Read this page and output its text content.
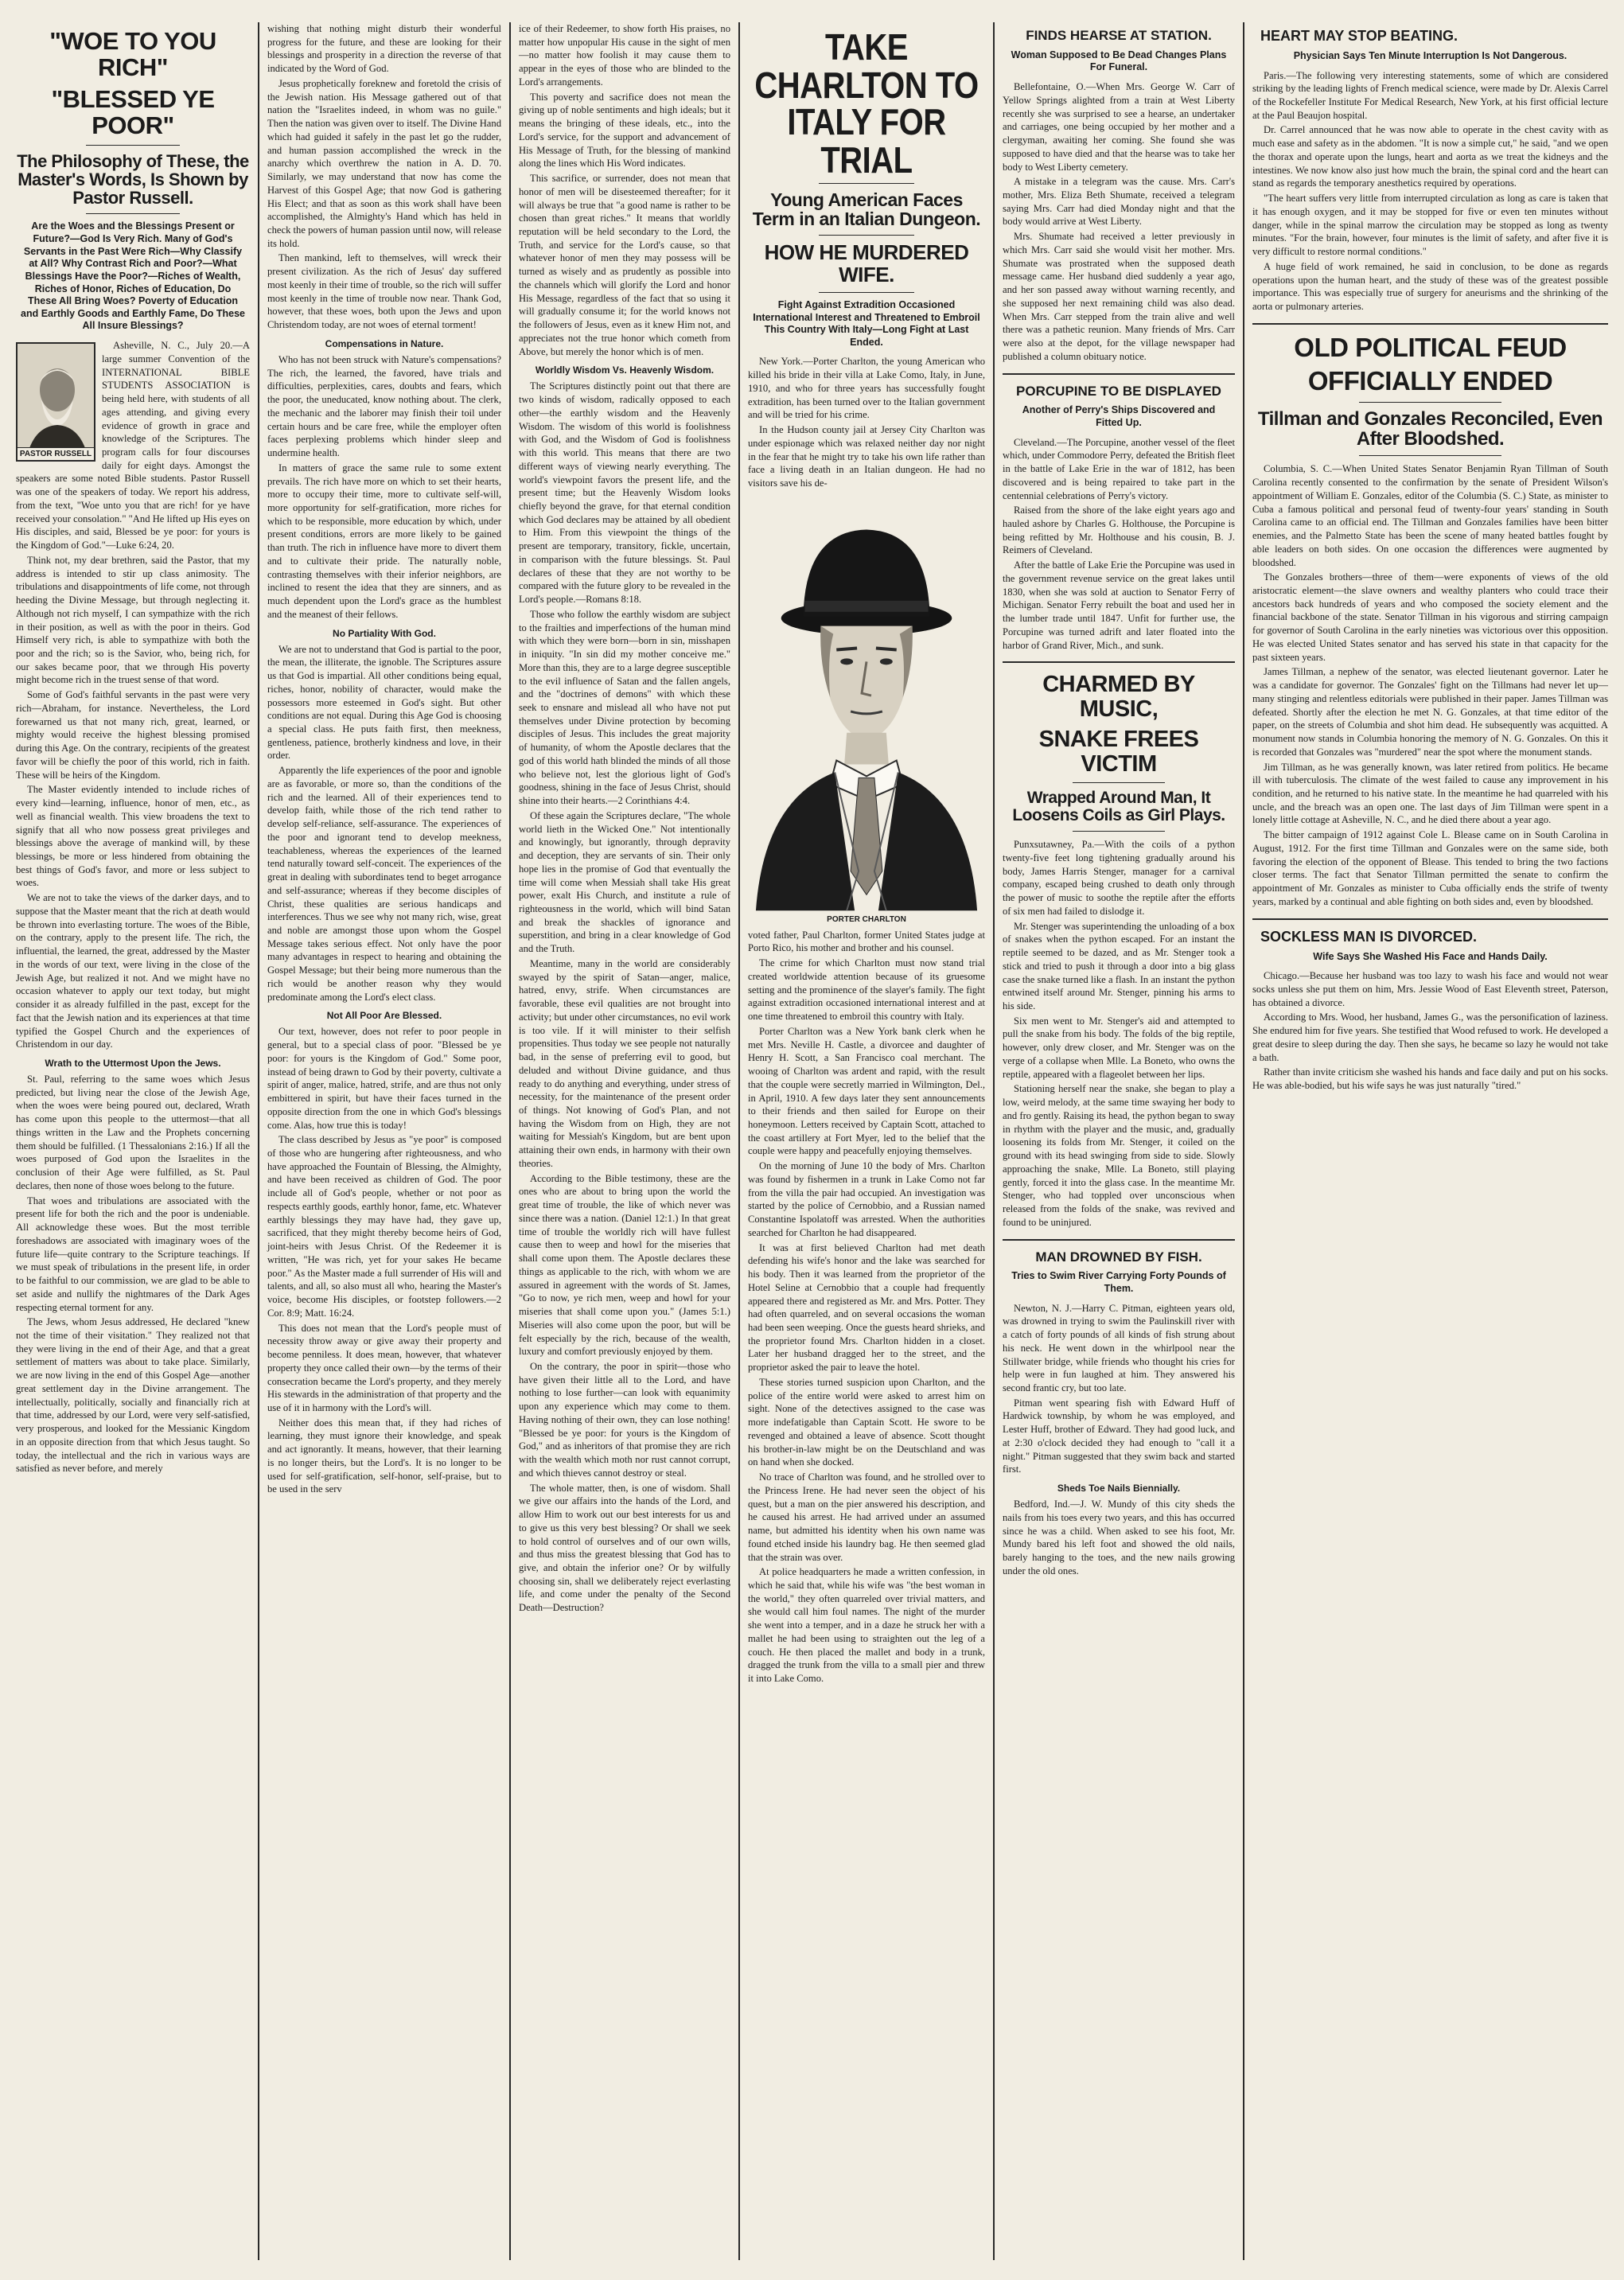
"WOE TO YOU RICH"
"BLESSED YE POOR"
The Philosophy of These, the Master's Words, Is Shown by Pastor Russell.
Are the Woes and the Blessings Present or Future?—God Is Very Rich. Many of God's Servants in the Past Were Rich—Why Classify at All? Why Contrast Rich and Poor?—What Blessings Have the Poor?—Riches of Wealth, Riches of Honor, Riches of Education, Do These All Bring Woes? Poverty of Education and Earthly Goods and Earthly Fame, Do These All Insure Blessings?
PASTOR RUSSELL

Asheville, N. C., July 20.—A large summer Convention of the INTERNATIONAL BIBLE STUDENTS ASSOCIATION is being held here, with students of all ages attending, and giving every evidence of growth in grace and knowledge of the Scriptures. The program calls for four discourses daily for eight days. Amongst the speakers are some noted Bible students. Pastor Russell was one of the speakers of today. We report his address, from the text, "Woe unto you that are rich! for ye have received your consolation." "And He lifted up His eyes on His disciples, and said, Blessed be ye poor: for yours is the Kingdom of God."—Luke 6:24, 20.

Think not, my dear brethren, said the Pastor, that my address is intended to stir up class animosity. The tribulations and disappointments of life come, not through heeding the Divine Message, but through neglecting it. Although not rich myself, I can sympathize with the rich in their position, as well as with the poor in theirs. God Himself very rich, is able to sympathize with both the poor and the rich; so is the Savior, who, being rich, for our sakes became poor, that we through His poverty might become rich in the truest sense of that word.

Some of God's faithful servants in the past were very rich—Abraham, for instance. Nevertheless, the Lord forewarned us that not many rich, great, learned, or mighty would receive the highest blessing promised during this Age. On the contrary, recipients of the greatest favor will be chiefly the poor of this world, rich in faith. These will be heirs of the Kingdom.

The Master evidently intended to include riches of every kind—learning, influence, honor of men, etc., as well as financial wealth. This view broadens the text to signify that all who now possess great privileges and blessings above the average of mankind will, by these blessings, be more or less hindered from obtaining the best things of God's favor, and more or less subject to woes.

We are not to take the views of the darker days, and to suppose that the Master meant that the rich at death would be thrown into everlasting torture. The woes of the Bible, on the contrary, apply to the present life. The rich, the influential, the learned, the great, addressed by the Master in the words of our text, were living in the close of the Jewish Age, but realized it not. And we might have no occasion whatever to apply our text today, but might consider it as already fulfilled in the past, except for the fact that the Jewish nation and its experiences at that time typified the Gospel Church and the experiences of Christendom in our day.

Wrath to the Uttermost Upon the Jews.

St. Paul, referring to the same woes which Jesus predicted, but living near the close of the Jewish Age, when the woes were being poured out, declared, Wrath has come upon this people to the uttermost—that all things written in the Law and the Prophets concerning them should be fulfilled. (1 Thessalonians 2:16.) If all the woes purposed of God upon the Israelites in the conclusion of their Age were fulfilled, as St. Paul declares, then none of those woes belong to the future.

That woes and tribulations are associated with the present life for both the rich and the poor is undeniable. All acknowledge these woes. But the most terrible foreshadows are associated with imaginary woes of the future life—quite contrary to the Scripture teachings. If we must speak of tribulations in the present life, in order to be faithful to our commission, we are glad to be able to set aside and nullify the nightmares of the Dark Ages respecting eternal torment for any.

The Jews, whom Jesus addressed, He declared "knew not the time of their visitation." They realized not that they were living in the end of their Age, and that a great settlement of matters was about to take place. Similarly, we are now living in the end of this Gospel Age—another great settlement day in the Divine arrangement. The intellectually, politically, socially and financially rich at that time, addressed by our Lord, were very self-satisfied, very prosperous, and looked for the Messianic Kingdom in an opposite direction from that which Jesus taught. So today, the intellectual and the rich in various ways are satisfied as never before, and merely

wishing that nothing might disturb their wonderful progress for the future, and these are looking for their blessings and prosperity in a direction the reverse of that indicated by the Word of God.

Jesus prophetically foreknew and foretold the crisis of the Jewish nation. His Message gathered out of that nation the "Israelites indeed, in whom was no guile." Then the nation was given over to itself. The Divine Hand which had guided it safely in the past let go the rudder, and human passion accomplished the wreck in the anarchy which overthrew the nation in A. D. 70. Similarly, we may understand that now has come the Harvest of this Gospel Age; that now God is gathering His Elect; and that as soon as this work shall have been accomplished, the Almighty's Hand which has held in check the powers of human passion until now, will release its hold.

Then mankind, left to themselves, will wreck their present civilization. As the rich of Jesus' day suffered most keenly in their time of trouble, so the rich will suffer most keenly in the time of trouble now near. Thank God, however, that these woes, both upon the Jews and upon Christendom today, are not woes of eternal torment!

Compensations in Nature.

Who has not been struck with Nature's compensations? The rich, the learned, the favored, have trials and difficulties, perplexities, cares, doubts and fears, which the poor, the uneducated, know nothing about. The clerk, the mechanic and the laborer may finish their toil under certain hours and be care free, while the employer often faces perplexing problems which hinder sleep and undermine health.

In matters of grace the same rule to some extent prevails. The rich have more on which to set their hearts, more to occupy their time, more to cultivate self-will, more opportunity for self-gratification, more riches for which to be responsible, more education by which, under present conditions, errors are more likely to be gained than truth. The rich in influence have more to divert them and to cultivate their pride. The naturally noble, contrasting themselves with their inferior neighbors, are inclined to resent the idea that they are sinners, and as much dependent upon the Lord's grace as the humblest and the meanest of their fellows.

No Partiality With God.

We are not to understand that God is partial to the poor, the mean, the illiterate, the ignoble. The Scriptures assure us that God is impartial. All other conditions being equal, riches, honor, nobility of character, would make the possessors more esteemed in God's sight. But other conditions are not equal. During this Age God is choosing a special class. He puts faith first, then meekness, gentleness, patience, brotherly kindness and love, in their order.

Apparently the life experiences of the poor and ignoble are as favorable, or more so, than the conditions of the rich and the learned. All of their experiences tend to develop faith, while those of the rich tend rather to develop self-reliance, self-assurance. The experiences of the poor and ignorant tend to develop meekness, teachableness, whereas the experiences of the learned tend naturally toward self-conceit. The experiences of the great in dealing with subordinates tend to beget arrogance and self-assurance; whereas if they become disciples of Christ, these qualities are serious handicaps and interferences. Thus we see why not many rich, wise, great and noble are amongst those upon whom the Gospel Message takes serious effect. Not only have the poor many advantages in respect to hearing and obtaining the Gospel Message; but their being more numerous than the rich would be another reason why they would predominate among the Lord's elect class.

Not All Poor Are Blessed.

Our text, however, does not refer to poor people in general, but to a special class of poor. "Blessed be ye poor: for yours is the Kingdom of God." Some poor, instead of being drawn to God by their poverty, cultivate a spirit of anger, malice, hatred, strife, and are thus not only embittered in spirit, but have their faces turned in the opposite direction from the one in which God's blessings come. Alas, how true this is today!

The class described by Jesus as "ye poor" is composed of those who are hungering after righteousness, and who have approached the Fountain of Blessing, the Almighty, and have been received as children of God. The poor include all of God's people, whether or not poor as respects earthly goods, earthly honor, fame, etc. Whatever earthly blessings they may have had, they gave up, sacrificed, that they might thereby become heirs of God, joint-heirs with Jesus Christ. Of the Redeemer it is written, "He was rich, yet for your sakes He became poor." As the Master made a full surrender of His will and talents, and all, so also must all who, hearing the Master's voice, become His disciples, or footstep followers.—2 Cor. 8:9; Matt. 16:24.

This does not mean that the Lord's people must of necessity throw away or give away their property and become penniless. It does mean, however, that whatever property they once called their own—by the terms of their consecration became the Lord's property, and they merely His stewards in the administration of that property and the use of it in harmony with the Lord's will.

Neither does this mean that, if they had riches of learning, they must ignore their knowledge, and speak and act ignorantly. It means, however, that their learning is no longer theirs, but the Lord's. It is no longer to be used for self-gratification, self-honor, self-praise, but to be used in the serv

ice of their Redeemer, to show forth His praises, no matter how unpopular His cause in the sight of men—no matter how foolish it may cause them to appear in the eyes of those who are blinded to the Lord's arrangements.

This poverty and sacrifice does not mean the giving up of noble sentiments and high ideals; but it means the bringing of these ideals, etc., into the Lord's service, for the support and advancement of His Message of Truth, for the blessing of mankind along the lines which His Word indicates.

This sacrifice, or surrender, does not mean that honor of men will be disesteemed thereafter; for it will always be true that "a good name is rather to be chosen than great riches." It means that worldly reputation will be held secondary to the Lord, the Truth, and service for the Lord's cause, so that whatever honor of men they may possess will be turned as wisely and as prudently as possible into the channels which will glorify the Lord and honor His Message, regardless of the fact that so using it will gradually consume it; for the world knows not the followers of Jesus, even as it knew Him not, and appreciates not the true honor which cometh from Above, but merely the honor which is of men.

Worldly Wisdom Vs. Heavenly Wisdom.

The Scriptures distinctly point out that there are two kinds of wisdom, radically opposed to each other—the earthly wisdom and the Heavenly Wisdom. The wisdom of this world is foolishness with God, and the Wisdom of God is foolishness with this world. This means that there are two different ways of viewing nearly everything. The world's viewpoint favors the present life, and the present time; but the Heavenly Wisdom looks chiefly beyond the grave, for that eternal condition which God declares may be attained by all obedient to Him. From this viewpoint the things of the present are temporary, transitory, fickle, uncertain, in comparison with the future blessings. St. Paul declares of these that they are not worthy to be compared with the future glory to be revealed in the Lord's people.—Romans 8:18.

Those who follow the earthly wisdom are subject to the frailties and imperfections of the human mind with which they were born—born in sin, misshapen in iniquity. "In sin did my mother conceive me." More than this, they are to a large degree susceptible to the evil influence of Satan and the fallen angels, and the "doctrines of demons" with which these seek to ensnare and mislead all who have not put themselves under Divine protection by becoming disciples of Jesus. This includes the great majority of humanity, of whom the Apostle declares that the god of this world hath blinded the minds of all those who believe not, lest the glorious light of God's goodness, shining in the face of Jesus Christ, should shine into their hearts.—2 Corinthians 4:4.

Of these again the Scriptures declare, "The whole world lieth in the Wicked One." Not intentionally and knowingly, but ignorantly, through depravity and deception, they are servants of sin. Their only hope lies in the promise of God that eventually the time will come when Messiah shall take His great power, exalt His Church, and institute a rule of righteousness in the world, which will bind Satan and break the shackles of ignorance and superstition, and bring in a clear knowledge of God and the Truth.

Meantime, many in the world are considerably swayed by the spirit of Satan—anger, malice, hatred, envy, strife. When circumstances are favorable, these evil qualities are not brought into activity; but under other circumstances, no evil work is too vile. If it will minister to their selfish propensities. Thus today we see people not naturally bad, in the sense of preferring evil to good, but deluded and without Divine guidance, and thus ready to do anything and everything, under stress of necessity, for the maintenance of the present order of things. Not knowing of God's Plan, and not having the Wisdom from on High, they are not waiting for Messiah's Kingdom, but are bent upon attaining their own ends, in harmony with their own theories.

According to the Bible testimony, these are the ones who are about to bring upon the world the great time of trouble, the like of which never was since there was a nation. (Daniel 12:1.) In that great time of trouble the worldly rich will have fullest cause then to weep and howl for the miseries that shall come upon them. The Apostle declares these things as applicable to the rich, with whom we are assured in agreement with the words of St. James, "Go to now, ye rich men, weep and howl for your miseries that shall come upon you." (James 5:1.) Miseries will also come upon the poor, but will be felt especially by the rich, because of the wealth, luxury and comfort previously enjoyed by them.

On the contrary, the poor in spirit—those who have given their little all to the Lord, and have nothing to lose further—can look with equanimity upon any experience which may come to them. Having nothing of their own, they can lose nothing! "Blessed be ye poor: for yours is the Kingdom of God," and as inheritors of that promise they are rich with the wealth which moth nor rust cannot corrupt, and which thieves cannot destroy or steal.

The whole matter, then, is one of wisdom. Shall we give our affairs into the hands of the Lord, and allow Him to work out our best interests for us and to give us this very best blessing? Or shall we seek to hold control of ourselves and of our own wills, and thus miss the greatest blessing that God has to give, and obtain the inferior one? Or by wilfully choosing sin, shall we deliberately reject everlasting life, and come under the penalty of the Second Death—Destruction?

TAKE CHARLTON TO
ITALY FOR TRIAL
Young American Faces Term in an Italian Dungeon.
HOW HE MURDERED WIFE.
Fight Against Extradition Occasioned International Interest and Threatened to Embroil This Country With Italy—Long Fight at Last Ended.

New York.—Porter Charlton, the young American who killed his bride in their villa at Lake Como, Italy, in June, 1910, and who for three years has successfully fought extradition, has been turned over to the Italian government and will be tried for his crime.

In the Hudson county jail at Jersey City Charlton was under espionage which was relaxed neither day nor night in the fear that he might try to take his own life rather than face a living death in an Italian dungeon. He had no visitors save his de-

PORTER CHARLTON

voted father, Paul Charlton, former United States judge at Porto Rico, his mother and brother and his counsel.

The crime for which Charlton must now stand trial created worldwide attention because of its gruesome setting and the prominence of the slayer's family. The fight against extradition occasioned international interest and at one time threatened to embroil this country with Italy.

Porter Charlton was a New York bank clerk when he met Mrs. Neville H. Castle, a divorcee and daughter of Henry H. Scott, a San Francisco coal merchant. The wooing of Charlton was ardent and rapid, with the result that the couple were secretly married in Wilmington, Del., in April, 1910. A few days later they sent announcements to their friends and then sailed for Europe on their honeymoon. Letters received by Captain Scott, attached to the coast artillery at Fort Myer, led to the belief that the couple were happy and peacefully enjoying themselves.

On the morning of June 10 the body of Mrs. Charlton was found by fishermen in a trunk in Lake Como not far from the villa the pair had occupied. An investigation was started by the police of Cernobbio, and a Russian named Constantine Ispolatoff was arrested. When the authorities searched for Charlton he had disappeared.

It was at first believed Charlton had met death defending his wife's honor and the lake was searched for his body. Then it was learned from the proprietor of the Hotel Seline at Cernobbio that a couple had frequently appeared there and registered as Mr. and Mrs. Potter. They had often quarreled, and on several occasions the woman had been seen weeping. Once the guests heard shrieks, and the proprietor found Mrs. Charlton hidden in a closet. Later her husband dragged her to the street, and the proprietor asked the pair to leave the hotel.

These stories turned suspicion upon Charlton, and the police of the entire world were asked to arrest him on sight. None of the detectives assigned to the case was more indefatigable than Captain Scott. He swore to be revenged and obtained a leave of absence. Scott thought his brother-in-law might be on the Deutschland and was on hand when she docked.

No trace of Charlton was found, and he strolled over to the Princess Irene. He had never seen the object of his quest, but a man on the pier answered his description, and he caused his arrest. He had arrived under an assumed name, but admitted his identity when his own name was found etched inside his laundry bag. He then seemed glad that the strain was over.

At police headquarters he made a written confession, in which he said that, while his wife was "the best woman in the world," they often quarreled over trivial matters, and she would call him foul names. The night of the murder she went into a temper, and in a daze he struck her with a mallet he had been using to straighten out the leg of a couch. He then placed the mallet and body in a trunk, dragged the trunk from the villa to a small pier and threw it into Lake Como.

FINDS HEARSE AT STATION.
Woman Supposed to Be Dead Changes Plans For Funeral.

Bellefontaine, O.—When Mrs. George W. Carr of Yellow Springs alighted from a train at West Liberty recently she was surprised to see a hearse, an undertaker and carriages, one being occupied by her mother and a clergyman, awaiting her coming. She found she was supposed to have died and that the hearse was to take her body to West Liberty cemetery.

A mistake in a telegram was the cause. Mrs. Carr's mother, Mrs. Eliza Beth Shumate, received a telegram saying Mrs. Carr had died Monday night and that the body would arrive at West Liberty.

Mrs. Shumate had received a letter previously in which Mrs. Carr said she would visit her mother. Mrs. Shumate was prostrated when the supposed death message came. Her husband died suddenly a year ago, and her son passed away without warning recently, and she supposed her next remaining child was also dead. When Mrs. Carr stepped from the train alive and well there was a pathetic reunion. Many friends of Mrs. Carr were also at the depot, for the village newspaper had published a column obituary notice.

PORCUPINE TO BE DISPLAYED
Another of Perry's Ships Discovered and Fitted Up.

Cleveland.—The Porcupine, another vessel of the fleet which, under Commodore Perry, defeated the British fleet in the battle of Lake Erie in the war of 1812, has been discovered and is being repaired to take part in the centennial celebrations of Perry's victory.

Raised from the shore of the lake eight years ago and hauled ashore by Charles G. Holthouse, the Porcupine is being refitted by Mr. Holthouse and his cousin, B. J. Reimers of Cleveland.

After the battle of Lake Erie the Porcupine was used in the government revenue service on the great lakes until 1830, when she was sold at auction to Senator Ferry of Michigan. Senator Ferry rebuilt the boat and used her in the lumber trade until 1847. Unfit for further use, the Porcupine was turned adrift and later floated into the harbor of Grand River, Mich., and sunk.

CHARMED BY MUSIC,
SNAKE FREES VICTIM
Wrapped Around Man, It Loosens Coils as Girl Plays.

Punxsutawney, Pa.—With the coils of a python twenty-five feet long tightening gradually around his body, James Harris Stenger, manager for a carnival company, escaped being crushed to death only through the power of music to soothe the reptile after the efforts of six men had failed to dislodge it.

Mr. Stenger was superintending the unloading of a box of snakes when the python escaped. For an instant the reptile seemed to be dazed, and as Mr. Stenger took a stick and tried to push it through a door into a big glass case the snake turned like a flash. In an instant the python entwined itself around Mr. Stenger, pinning his arms to his side.

Six men went to Mr. Stenger's aid and attempted to pull the snake from his body. The folds of the big reptile, however, only drew closer, and Mr. Stenger was on the verge of a collapse when Mlle. La Boneto, who owns the reptile, appeared with a flageolet between her lips.

Stationing herself near the snake, she began to play a low, weird melody, at the same time swaying her body to and fro gently. Raising its head, the python began to sway in rhythm with the player and the music, and, gradually loosening its folds from Mr. Stenger, it coiled on the ground with its head swinging from side to side. Slowly approaching the snake, Mlle. La Boneto, still playing gently, forced it into the glass case. In the meantime Mr. Stenger, who had toppled over unconscious when released from the folds of the snake, was revived and found to be uninjured.

MAN DROWNED BY FISH.
Tries to Swim River Carrying Forty Pounds of Them.

Newton, N. J.—Harry C. Pitman, eighteen years old, was drowned in trying to swim the Paulinskill river with a catch of forty pounds of all kinds of fish strung about his neck. He went down in the whirlpool near the Stillwater bridge, while friends who thought his cries for help were in fun laughed at him. They answered his second frantic cry, but too late.

Pitman went spearing fish with Edward Huff of Hardwick township, by whom he was employed, and Lester Huff, brother of Edward. They had good luck, and at 2:30 o'clock decided they had enough to "call it a night." Pitman suggested that they swim back and started first.

Sheds Toe Nails Biennially.

Bedford, Ind.—J. W. Mundy of this city sheds the nails from his toes every two years, and this has occurred since he was a child. When asked to see his foot, Mr. Mundy bared his left foot and showed the old nails, barely hanging to the toes, and the new nails growing under the old ones.

HEART MAY STOP BEATING.
Physician Says Ten Minute Interruption Is Not Dangerous.

Paris.—The following very interesting statements, some of which are considered striking by the leading lights of French medical science, were made by Dr. Alexis Carrel of the Rockefeller Institute For Medical Research, New York, at his first official lecture at the Paul Beaujon hospital.

Dr. Carrel announced that he was now able to operate in the chest cavity with as much ease and safety as in the abdomen. "It is now a simple cut," he said, "and we open the thorax and operate upon the lungs, heart and aorta as we treat the kidneys and the intestines. We now know also just how much the brain, the spinal cord and the heart can stand as regards the temporary anesthetics required by operations.

"The heart suffers very little from interrupted circulation as long as care is taken that it has enough oxygen, and it may be stopped for five or even ten minutes without danger, while in the spinal marrow the circulation may be stopped as long as twenty minutes. "For the brain, however, four minutes is the limit of safety, and after five it is very difficult to restore normal conditions."

A huge field of work remained, he said in conclusion, to be done as regards operations upon the human heart, and the study of these was of the greatest possible importance. This was especially true of surgery for aneurisms and the shrinking of the aorta or pulmonary arteries.

OLD POLITICAL FEUD
OFFICIALLY ENDED
Tillman and Gonzales Reconciled, Even After Bloodshed.

Columbia, S. C.—When United States Senator Benjamin Ryan Tillman of South Carolina recently consented to the confirmation by the senate of President Wilson's appointment of William E. Gonzales, editor of the Columbia (S. C.) State, as minister to Cuba a famous political and personal feud of twenty-four years' standing in South Carolina came to an official end. The Tillman and Gonzales families have been bitter enemies, and the Palmetto State has been the scene of many heated battles fought by able leaders on both sides. On one occasion the differences were augmented by bloodshed.

The Gonzales brothers—three of them—were exponents of views of the old aristocratic element—the slave owners and wealthy planters who could trace their ancestors back hundreds of years and who composed the society element and the financial backbone of the state. Senator Tillman in his vigorous and stirring campaign for governor of South Carolina in the early nineties was victorious over this opposition. He was elected United States senator and has served his state in that capacity for the past sixteen years.

James Tillman, a nephew of the senator, was elected lieutenant governor. Later he was a candidate for governor. The Gonzales' fight on the Tillmans had never let up—many stinging and relentless editorials were published in their paper. James Tillman was defeated. Shortly after the election he met N. G. Gonzales, at that time editor of the paper, on the streets of Columbia and shot him dead. He subsequently was acquitted. A monument now stands in Columbia honoring the memory of N. G. Gonzales. On this it is recorded that Gonzales was "murdered" near the spot where the monument stands.

Jim Tillman, as he was generally known, was later retired from politics. He became ill with tuberculosis. The climate of the west failed to cause any improvement in his condition, and he returned to his native state. In the meantime he had quarreled with his uncle, and the breach was an open one. The last days of Jim Tillman were spent in a lonely little cottage at Asheville, N. C., and he died there about a year ago.

The bitter campaign of 1912 against Cole L. Blease came on in South Carolina in August, 1912. For the first time Tillman and Gonzales were on the same side, both favoring the election of the opponent of Blease. This tended to bring the two factions closer terms. The fact that Senator Tillman permitted the senate to confirm the appointment of Mr. Gonzales as minister to Cuba officially ends the strife of twenty years, marked by a continual and able fighting on both sides and, even by bloodshed.

SOCKLESS MAN IS DIVORCED.
Wife Says She Washed His Face and Hands Daily.

Chicago.—Because her husband was too lazy to wash his face and would not wear socks unless she put them on him, Mrs. Jessie Wood of East Eleventh street, Paterson, has obtained a divorce.

According to Mrs. Wood, her husband, James G., was the personification of laziness. She endured him for five years. She testified that Wood refused to work. He developed a great desire to sleep during the day. Then she says, he became so lazy he would not take a bath.

Rather than invite criticism she washed his hands and face daily and put on his socks. He was able-bodied, but his wife says he was just naturally "tired."
